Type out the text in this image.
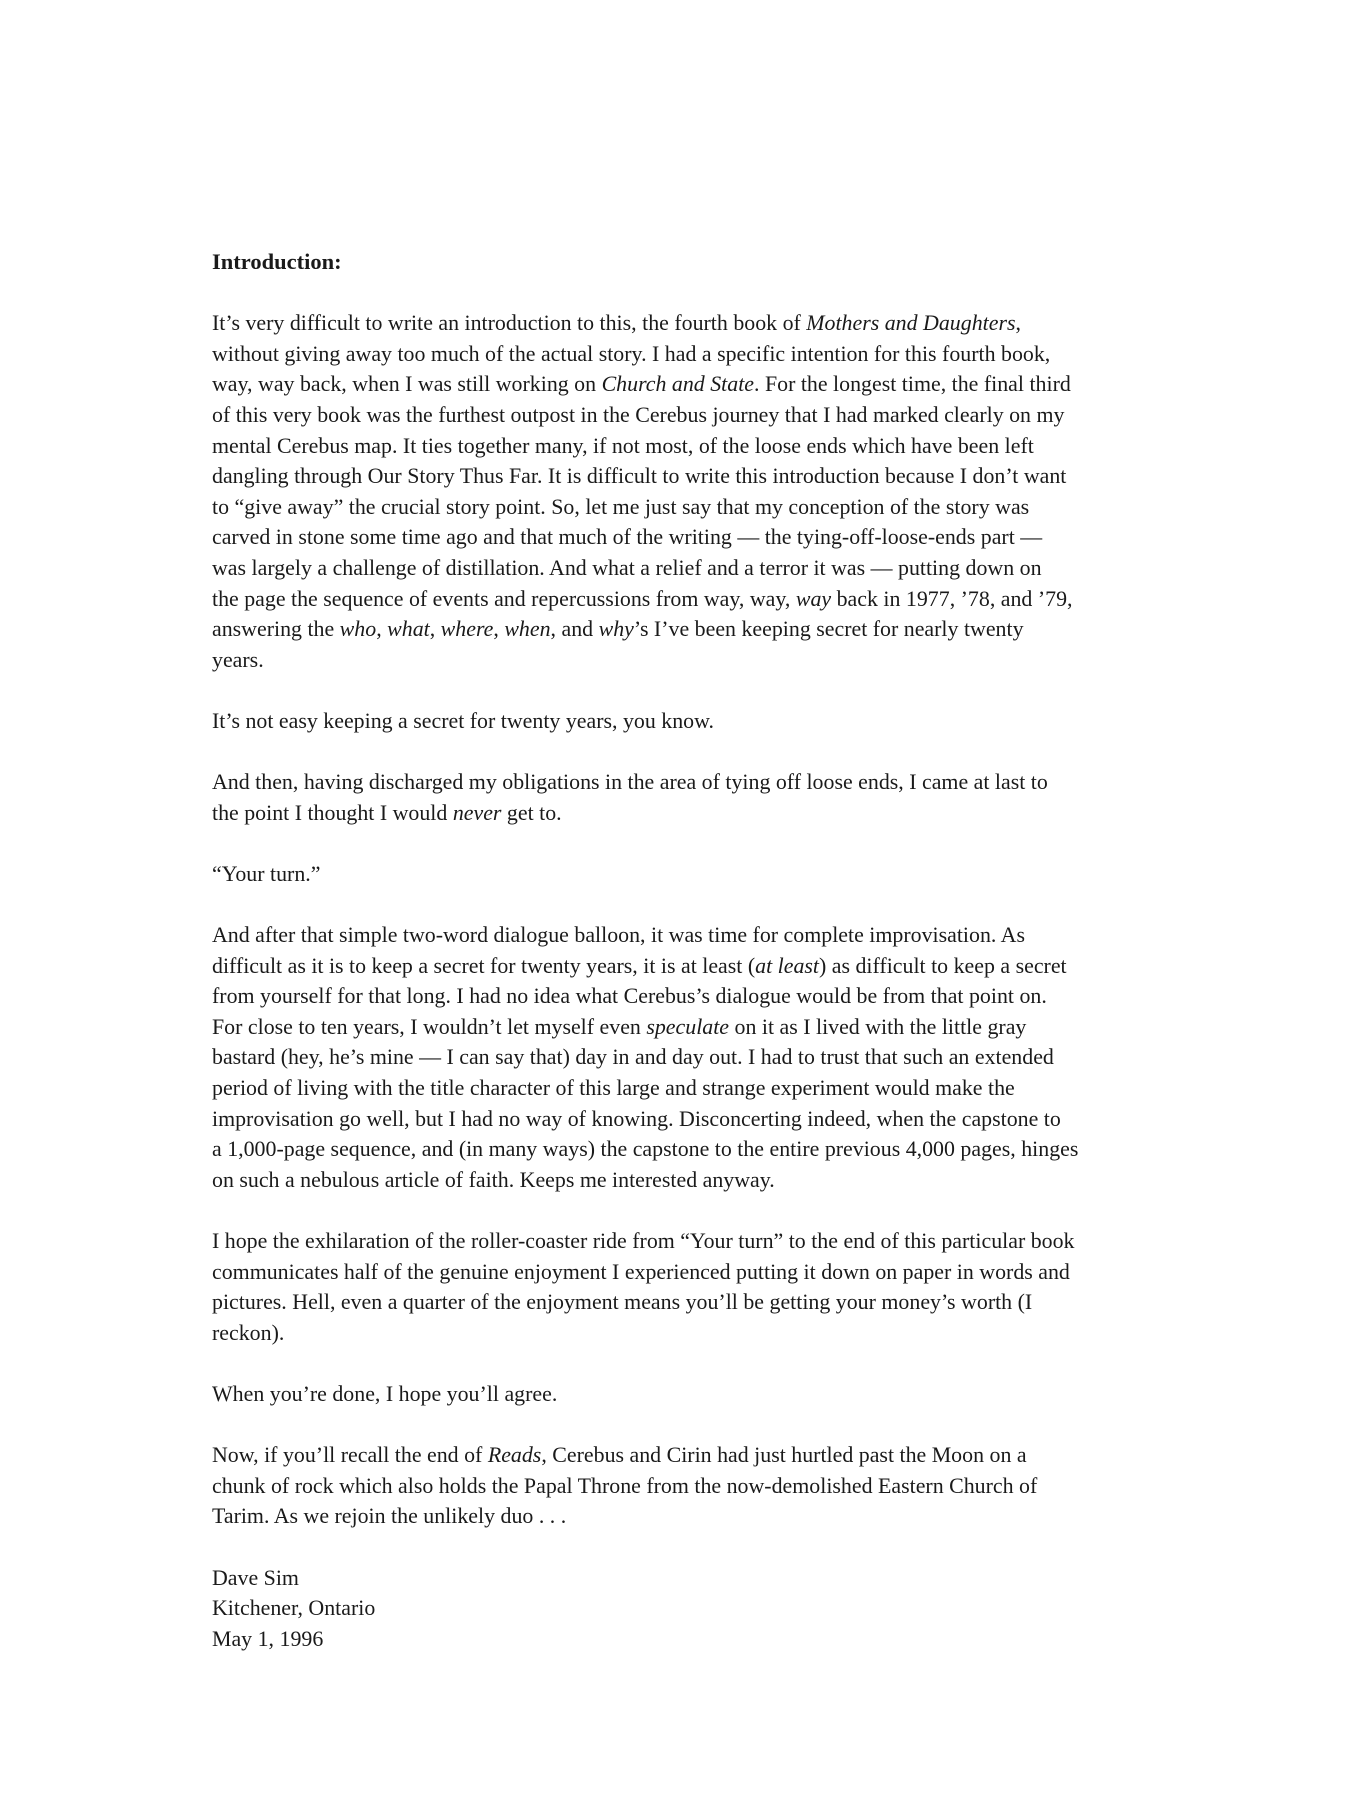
Introduction:
It’s very difficult to write an introduction to this, the fourth book of Mothers and Daughters,
without giving away too much of the actual story. I had a specific intention for this fourth book,
way, way back, when I was still working on Church and State. For the longest time, the final third
of this very book was the furthest outpost in the Cerebus journey that I had marked clearly on my
mental Cerebus map. It ties together many, if not most, of the loose ends which have been left
dangling through Our Story Thus Far. It is difficult to write this introduction because I don’t want
to “give away” the crucial story point. So, let me just say that my conception of the story was
carved in stone some time ago and that much of the writing — the tying-off-loose-ends part —
was largely a challenge of distillation. And what a relief and a terror it was — putting down on
the page the sequence of events and repercussions from way, way, way back in 1977, ’78, and ’79,
answering the who, what, where, when, and why’s I’ve been keeping secret for nearly twenty
years.
It’s not easy keeping a secret for twenty years, you know.
And then, having discharged my obligations in the area of tying off loose ends, I came at last to
the point I thought I would never get to.
“Your turn.”
And after that simple two-word dialogue balloon, it was time for complete improvisation. As
difficult as it is to keep a secret for twenty years, it is at least (at least) as difficult to keep a secret
from yourself for that long. I had no idea what Cerebus’s dialogue would be from that point on.
For close to ten years, I wouldn’t let myself even speculate on it as I lived with the little gray
bastard (hey, he’s mine — I can say that) day in and day out. I had to trust that such an extended
period of living with the title character of this large and strange experiment would make the
improvisation go well, but I had no way of knowing. Disconcerting indeed, when the capstone to
a 1,000-page sequence, and (in many ways) the capstone to the entire previous 4,000 pages, hinges
on such a nebulous article of faith. Keeps me interested anyway.
I hope the exhilaration of the roller-coaster ride from “Your turn” to the end of this particular book
communicates half of the genuine enjoyment I experienced putting it down on paper in words and
pictures. Hell, even a quarter of the enjoyment means you’ll be getting your money’s worth (I
reckon).
When you’re done, I hope you’ll agree.
Now, if you’ll recall the end of Reads, Cerebus and Cirin had just hurtled past the Moon on a
chunk of rock which also holds the Papal Throne from the now-demolished Eastern Church of
Tarim. As we rejoin the unlikely duo . . .
Dave Sim
Kitchener, Ontario
May 1, 1996
